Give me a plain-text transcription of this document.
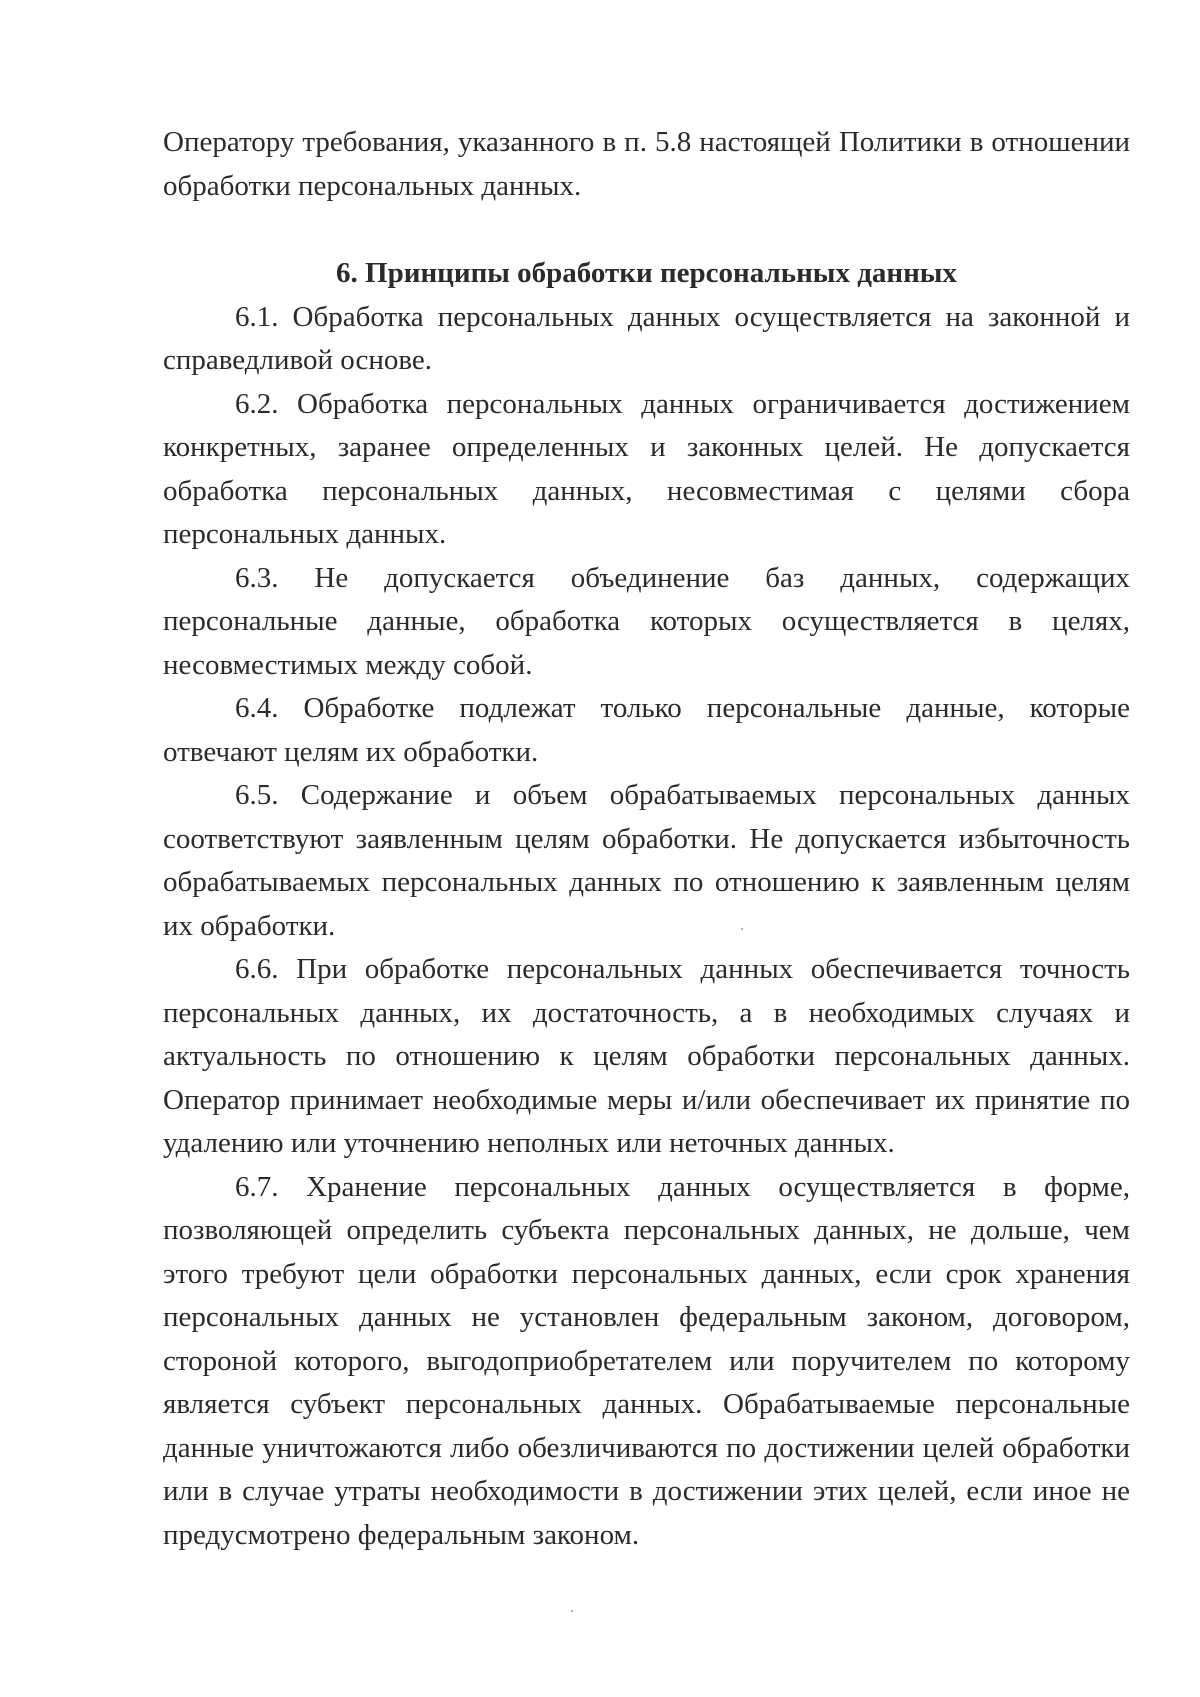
Оператору требования, указанного в п. 5.8 настоящей Политики в отношении обработки персональных данных.

6. Принципы обработки персональных данных

6.1. Обработка персональных данных осуществляется на законной и справедливой основе.

6.2. Обработка персональных данных ограничивается достижением конкретных, заранее определенных и законных целей. Не допускается обработка персональных данных, несовместимая с целями сбора персональных данных.

6.3. Не допускается объединение баз данных, содержащих персональные данные, обработка которых осуществляется в целях, несовместимых между собой.

6.4. Обработке подлежат только персональные данные, которые отвечают целям их обработки.

6.5. Содержание и объем обрабатываемых персональных данных соответствуют заявленным целям обработки. Не допускается избыточность обрабатываемых персональных данных по отношению к заявленным целям их обработки.

6.6. При обработке персональных данных обеспечивается точность персональных данных, их достаточность, а в необходимых случаях и актуальность по отношению к целям обработки персональных данных. Оператор принимает необходимые меры и/или обеспечивает их принятие по удалению или уточнению неполных или неточных данных.

6.7. Хранение персональных данных осуществляется в форме, позволяющей определить субъекта персональных данных, не дольше, чем этого требуют цели обработки персональных данных, если срок хранения персональных данных не установлен федеральным законом, договором, стороной которого, выгодоприобретателем или поручителем по которому является субъект персональных данных. Обрабатываемые персональные данные уничтожаются либо обезличиваются по достижении целей обработки или в случае утраты необходимости в достижении этих целей, если иное не предусмотрено федеральным законом.
